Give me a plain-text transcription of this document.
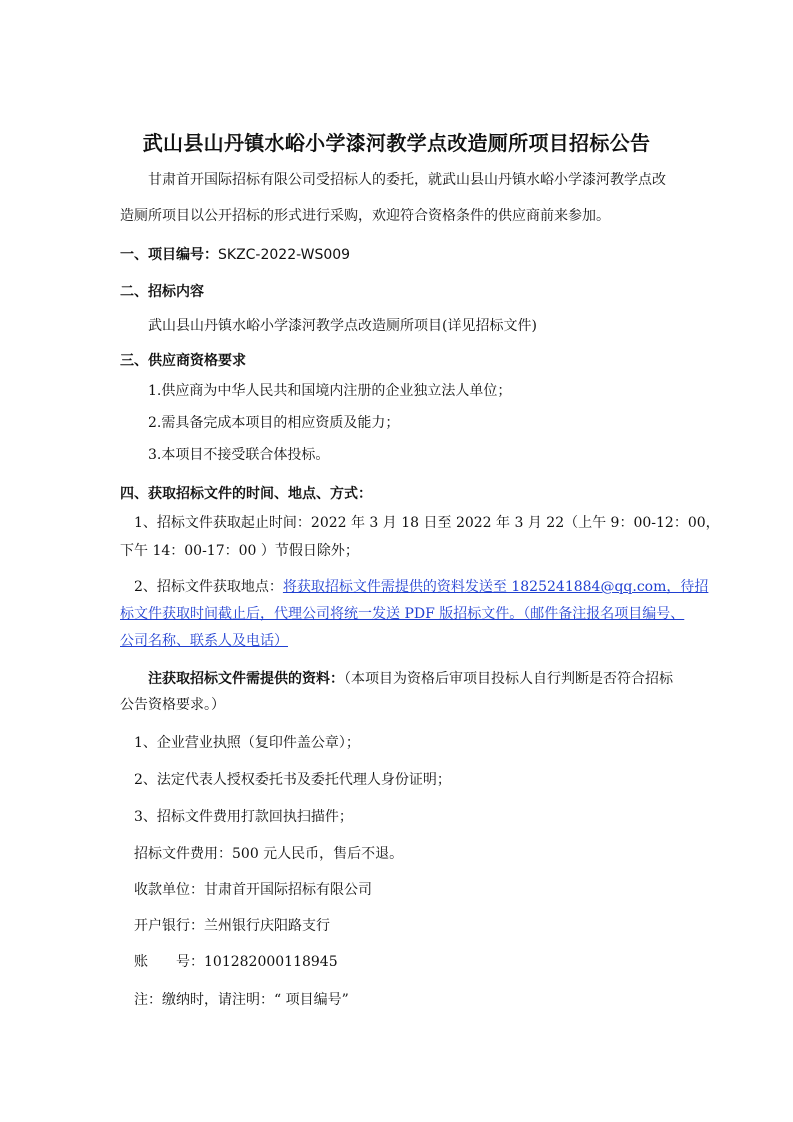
武山县山丹镇水峪小学漆河教学点改造厕所项目招标公告
甘肃首开国际招标有限公司受招标人的委托，就武山县山丹镇水峪小学漆河教学点改
造厕所项目以公开招标的形式进行采购，欢迎符合资格条件的供应商前来参加。
一、项目编号：SKZC-2022-WS009
二、招标内容
武山县山丹镇水峪小学漆河教学点改造厕所项目(详见招标文件)
三、供应商资格要求
1.供应商为中华人民共和国境内注册的企业独立法人单位；
2.需具备完成本项目的相应资质及能力；
3.本项目不接受联合体投标。
四、获取招标文件的时间、地点、方式：
1、招标文件获取起止时间：2022 年 3 月 18 日至 2022 年 3 月 22（上午 9：00-12：00，
下午 14：00-17：00 ）节假日除外；
2、招标文件获取地点：将获取招标文件需提供的资料发送至 1825241884@qq.com，待招
标文件获取时间截止后，代理公司将统一发送 PDF 版招标文件。（邮件备注报名项目编号、
公司名称、联系人及电话）
注获取招标文件需提供的资料：（本项目为资格后审项目投标人自行判断是否符合招标
公告资格要求。）
1、企业营业执照（复印件盖公章）；
2、法定代表人授权委托书及委托代理人身份证明；
3、招标文件费用打款回执扫描件；
招标文件费用：500 元人民币，售后不退。
收款单位：甘肃首开国际招标有限公司
开户银行：兰州银行庆阳路支行
账　　号：101282000118945
注：缴纳时，请注明：“ 项目编号”
